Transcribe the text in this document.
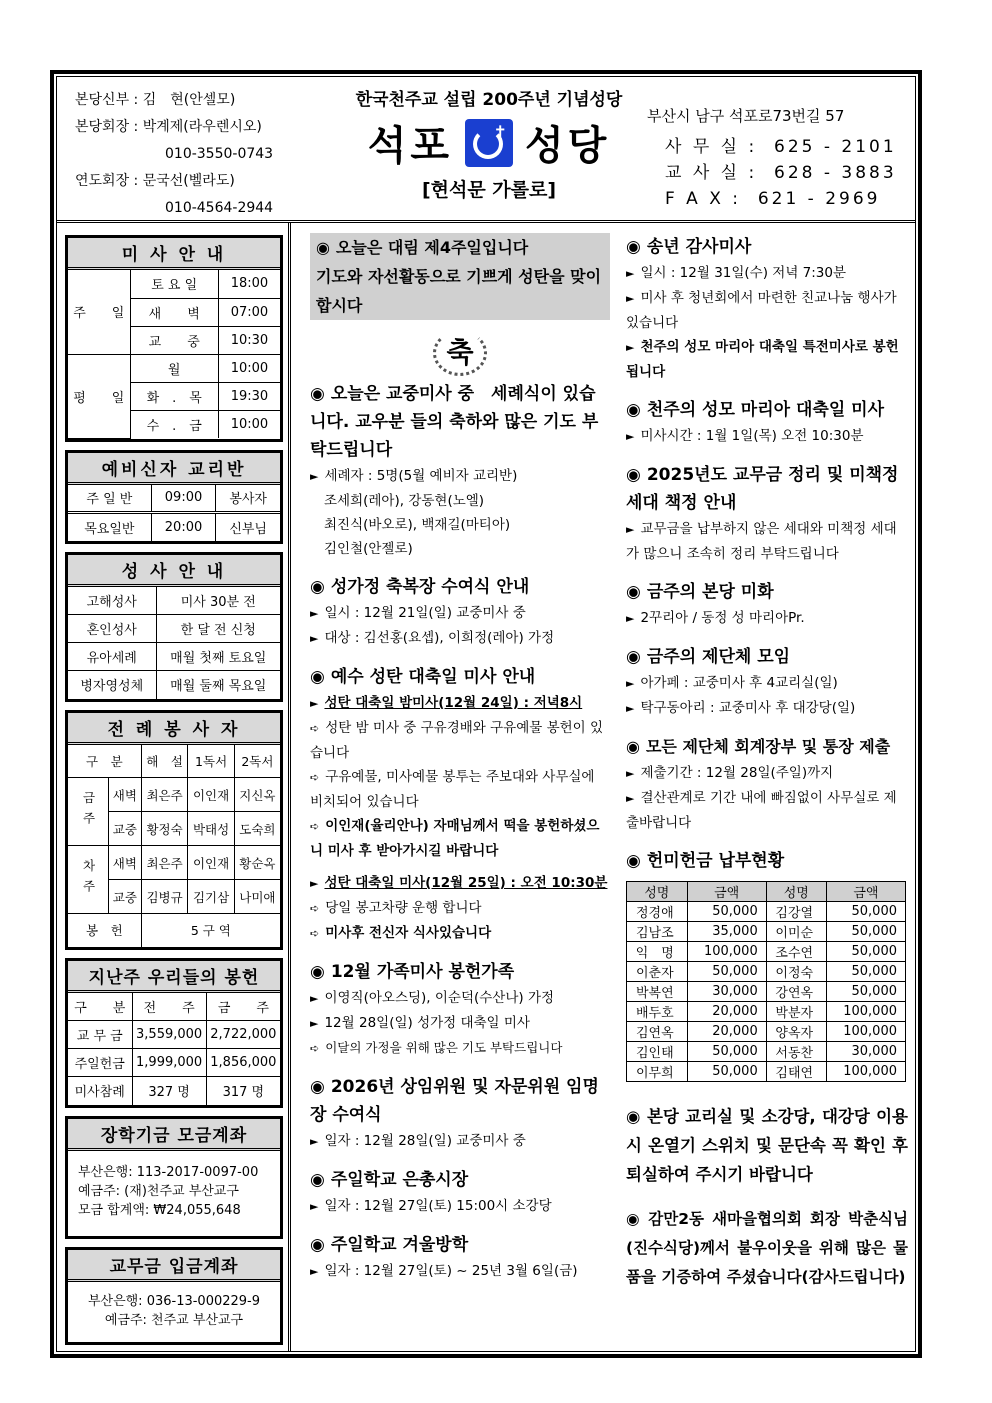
본당신부 : 김　현(안셀모)
본당회장 : 박계제(라우렌시오)
010-3550-0743
연도회장 : 문국선(벨라도)
010-4564-2944
한국천주교 설립 200주년 기념성당
석포	✝ 성당
[현석문 가롤로]
부산시 남구 석포로73번길 57
사 무 실 :  625 - 2101
교 사 실 :  628 - 3883
F A X :  621 - 2969
미 사 안 내
주　　일	토 요 일	18:00
	새　　벽	07:00
	교　　중	10:30
평　　일	월	10:00
	화　.　목	19:30
	수　.　금	10:00
예비신자 교리반
주 일 반	09:00	봉사자
목요일반	20:00	신부님
성 사 안 내
고해성사	미사 30분 전
혼인성사	한 달 전 신청
유아세례	매월 첫째 토요일
병자영성체	매월 둘째 목요일
전 례 봉 사 자
구　분		해　설	1독서	2독서
금주	새벽	최은주	이인재	지신옥
	교중	황정숙	박태성	도숙희
차주	새벽	최은주	이인재	황순옥
	교중	김병규	김기삼	나미애
봉　헌		5 구 역		
지난주 우리들의 봉헌
구　　분	전　　주	금　　주
교 무 금	3,559,000	2,722,000
주일헌금	1,999,000	1,856,000
미사참례	327 명	317 명
장학기금 모금계좌
부산은행: 113-2017-0097-00
예금주: (재)천주교 부산교구
모금 합계액: ₩24,055,648
교무금 입금계좌
부산은행: 036-13-000229-9
예금주: 천주교 부산교구
◉ 오늘은 대림 제4주일입니다
기도와 자선활동으로 기쁘게 성탄을 맞이합시다
축
◉ 오늘은 교중미사 중　세례식이 있습니다. 교우분 들의 축하와 많은 기도 부탁드립니다
► 세례자 : 5명(5월 예비자 교리반)
조세희(레아), 강동현(노엘)
최진식(바오로), 백재길(마티아)
김인철(안젤로)
◉ 성가정 축복장 수여식 안내
► 일시 : 12월 21일(일) 교중미사 중
► 대상 : 김선홍(요셉), 이희정(레아) 가정
◉ 예수 성탄 대축일 미사 안내
► 성탄 대축일 밤미사(12월 24일) : 저녁8시
➪ 성탄 밤 미사 중 구유경배와 구유예물 봉헌이 있습니다
➪ 구유예물, 미사예물 봉투는 주보대와 사무실에 비치되어 있습니다
➪ 이인재(율리안나) 자매님께서 떡을 봉헌하셨으니 미사 후 받아가시길 바랍니다
► 성탄 대축일 미사(12월 25일) : 오전 10:30분
➪ 당일 봉고차량 운행 합니다
➪ 미사후 전신자 식사있습니다
◉ 12월 가족미사 봉헌가족
► 이영직(아오스딩), 이순덕(수산나) 가정
► 12월 28일(일) 성가정 대축일 미사
➪ 이달의 가정을 위해 많은 기도 부탁드립니다
◉ 2026년 상임위원 및 자문위원 임명장 수여식
► 일자 : 12월 28일(일) 교중미사 중
◉ 주일학교 은총시장
► 일자 : 12월 27일(토) 15:00시 소강당
◉ 주일학교 겨울방학
► 일자 : 12월 27일(토) ~ 25년 3월 6일(금)
◉ 송년 감사미사
► 일시 : 12월 31일(수) 저녁 7:30분
► 미사 후 청년회에서 마련한 친교나눔 행사가 있습니다
► 천주의 성모 마리아 대축일 특전미사로 봉헌됩니다
◉ 천주의 성모 마리아 대축일 미사
► 미사시간 : 1월 1일(목) 오전 10:30분
◉ 2025년도 교무금 정리 및 미책정 세대 책정 안내
► 교무금을 납부하지 않은 세대와 미책정 세대가 많으니 조속히 정리 부탁드립니다
◉ 금주의 본당 미화
► 2꾸리아 / 동정 성 마리아Pr.
◉ 금주의 제단체 모임
► 아가페 : 교중미사 후 4교리실(일)
► 탁구동아리 : 교중미사 후 대강당(일)
◉ 모든 제단체 회계장부 및 통장 제출
► 제출기간 : 12월 28일(주일)까지
► 결산관계로 기간 내에 빠짐없이 사무실로 제출바랍니다
◉ 헌미헌금 납부현황
성명	금액	성명	금액
정경애	50,000	김강열	50,000
김남조	35,000	이미순	50,000
익　명	100,000	조수연	50,000
이춘자	50,000	이정숙	50,000
박복연	30,000	강연옥	50,000
배두호	20,000	박분자	100,000
김연옥	20,000	양옥자	100,000
김인태	50,000	서동찬	30,000
이무희	50,000	김태연	100,000
◉ 본당 교리실 및 소강당, 대강당 이용시 온열기 스위치 및 문단속 꼭 확인 후 퇴실하여 주시기 바랍니다
◉ 감만2동 새마을협의회 회장 박춘식님(진수식당)께서 불우이웃을 위해 많은 물품을 기증하여 주셨습니다(감사드립니다)
